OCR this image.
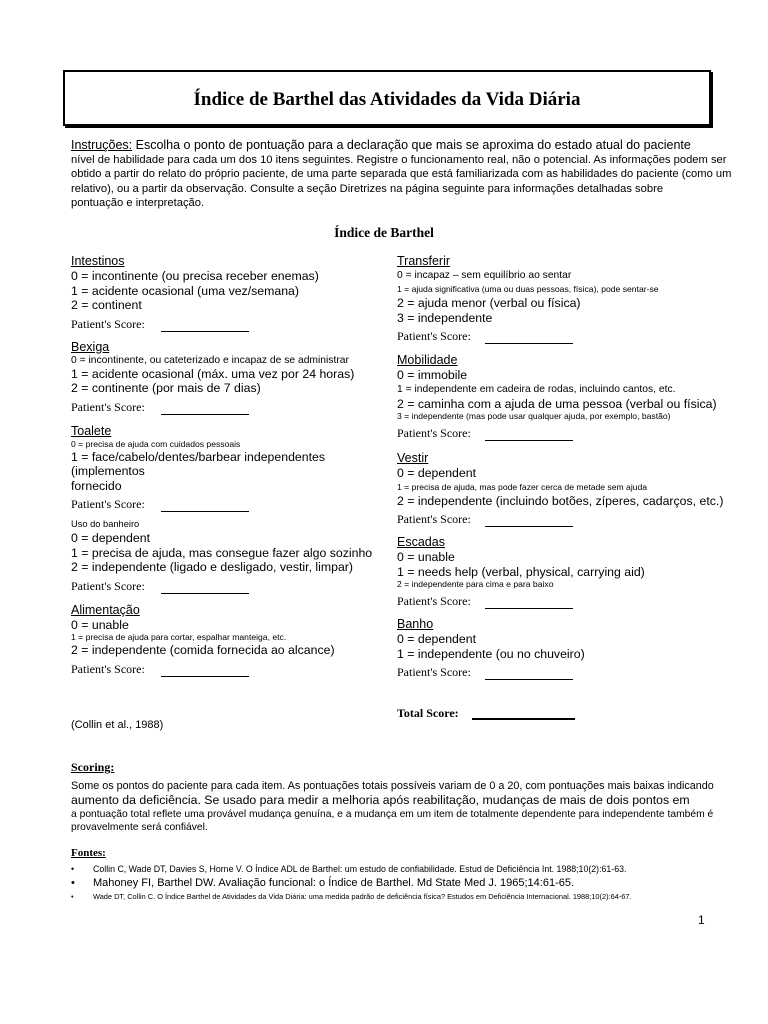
Índice de Barthel das Atividades da Vida Diária
Instruções: Escolha o ponto de pontuação para a declaração que mais se aproxima do estado atual do paciente
nível de habilidade para cada um dos 10 itens seguintes. Registre o funcionamento real, não o potencial. As informações podem ser
obtido a partir do relato do próprio paciente, de uma parte separada que está familiarizada com as habilidades do paciente (como um
relativo), ou a partir da observação. Consulte a seção Diretrizes na página seguinte para informações detalhadas sobre
pontuação e interpretação.
Índice de Barthel
Intestinos
0 = incontinente (ou precisa receber enemas)
1 = acidente ocasional (uma vez/semana)
2 = continent
Patient's Score:
Bexiga
0 = incontinente, ou cateterizado e incapaz de se administrar
1 = acidente ocasional (máx. uma vez por 24 horas)
2 = continente (por mais de 7 dias)
Patient's Score:
Toalete
0 = precisa de ajuda com cuidados pessoais
1 = face/cabelo/dentes/barbear independentes (implementos
fornecido
Patient's Score:
Uso do banheiro
0 = dependent
1 = precisa de ajuda, mas consegue fazer algo sozinho
2 = independente (ligado e desligado, vestir, limpar)
Patient's Score:
Alimentação
0 = unable
1 = precisa de ajuda para cortar, espalhar manteiga, etc.
2 = independente (comida fornecida ao alcance)
Patient's Score:
Transferir
0 = incapaz – sem equilíbrio ao sentar
1 = ajuda significativa (uma ou duas pessoas, física), pode sentar-se
2 = ajuda menor (verbal ou física)
3 = independente
Patient's Score:
Mobilidade
0 = immobile
1 = independente em cadeira de rodas, incluindo cantos, etc.
2 = caminha com a ajuda de uma pessoa (verbal ou física)
3 = independente (mas pode usar qualquer ajuda, por exemplo, bastão)
Patient's Score:
Vestir
0 = dependent
1 = precisa de ajuda, mas pode fazer cerca de metade sem ajuda
2 = independente (incluindo botões, zíperes, cadarços, etc.)
Patient's Score:
Escadas
0 = unable
1 = needs help (verbal, physical, carrying aid)
2 = independente para cima e para baixo
Patient's Score:
Banho
0 = dependent
1 = independente (ou no chuveiro)
Patient's Score:
Total Score:
(Collin et al., 1988)
Scoring:
Some os pontos do paciente para cada item. As pontuações totais possíveis variam de 0 a 20, com pontuações mais baixas indicando
aumento da deficiência. Se usado para medir a melhoria após reabilitação, mudanças de mais de dois pontos em
a pontuação total reflete uma provável mudança genuína, e a mudança em um item de totalmente dependente para independente também é
provavelmente será confiável.
Fontes:
• Collin C, Wade DT, Davies S, Horne V. O Índice ADL de Barthel: um estudo de confiabilidade. Estud de Deficiência Int. 1988;10(2):61-63.
• Mahoney FI, Barthel DW. Avaliação funcional: o Índice de Barthel. Md State Med J. 1965;14:61-65.
• Wade DT, Collin C. O Índice Barthel de Atividades da Vida Diária: uma medida padrão de deficiência física? Estudos em Deficiência Internacional. 1988;10(2):64-67.
1
